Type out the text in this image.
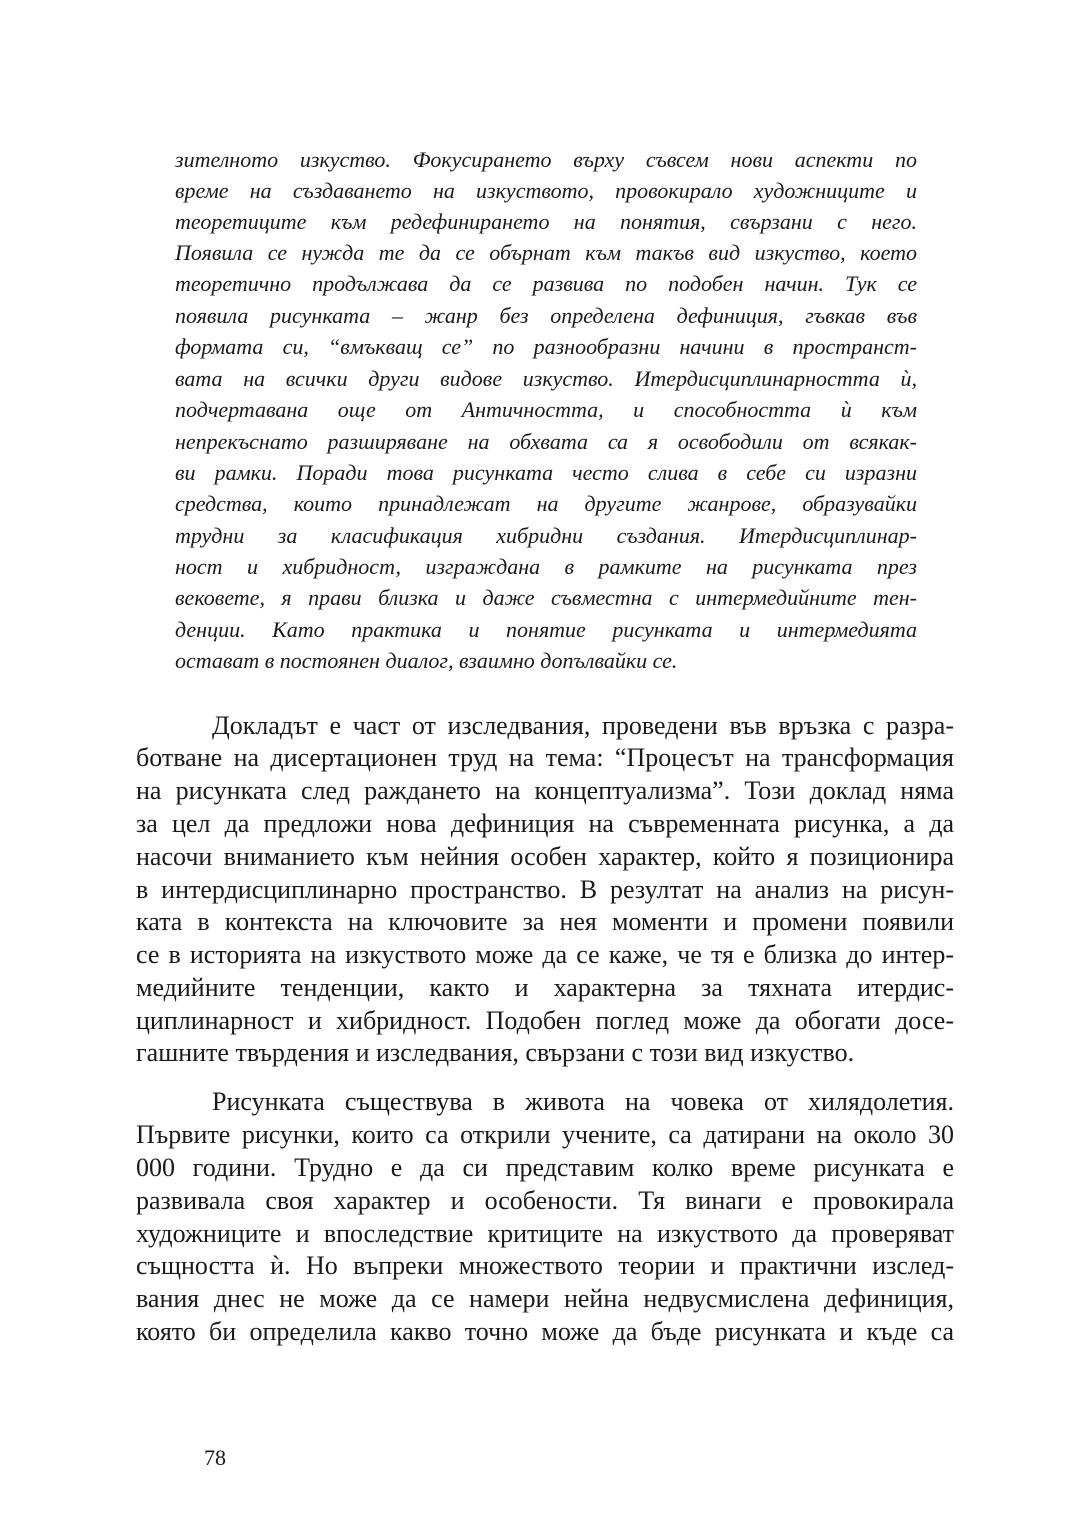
зителното изкуство. Фокусирането върху съвсем нови аспекти по

време на създаването на изкуството, провокирало художниците и

теоретиците към редефинирането на понятия, свързани с него.

Появила се нужда те да се обърнат към такъв вид изкуство, което

теоретично продължава да се развива по подобен начин. Тук се

появила рисунката – жанр без определена дефиниция, гъвкав във

формата си, “вмъкващ се” по разнообразни начини в пространст-

вата на всички други видове изкуство. Итердисциплинарността ѝ,

подчертавана още от Античността, и способността ѝ към

непрекъснато разширяване на обхвата са я освободили от всякак-

ви рамки. Поради това рисунката често слива в себе си изразни

средства, които принадлежат на другите жанрове, образувайки

трудни за класификация хибридни създания. Итердисциплинар-

ност и хибридност, изграждана в рамките на рисунката през

вековете, я прави близка и даже съвместна с интермедийните тен-

денции. Като практика и понятие рисунката и интермедията

остават в постоянен диалог, взаимно допълвайки се.

Докладът е част от изследвания, проведени във връзка с разра-

ботване на дисертационен труд на тема: “Процесът на трансформация

на рисунката след раждането на концептуализма”. Този доклад няма

за цел да предложи нова дефиниция на съвременната рисунка, а да

насочи вниманието към нейния особен характер, който я позиционира

в интердисциплинарно пространство. В резултат на анализ на рисун-

ката в контекста на ключовите за нея моменти и промени появили

се в историята на изкуството може да се каже, че тя е близка до интер-

медийните тенденции, както и характерна за тяхната итердис-

циплинарност и хибридност. Подобен поглед може да обогати досе-

гашните твърдения и изследвания, свързани с този вид изкуство.

Рисунката съществува в живота на човека от хилядолетия.

Първите рисунки, които са открили учените, са датирани на около 30

000 години. Трудно е да си представим колко време рисунката е

развивала своя характер и особености. Тя винаги е провокирала

художниците и впоследствие критиците на изкуството да проверяват

същността ѝ. Но въпреки множеството теории и практични изслед-

вания днес не може да се намери нейна недвусмислена дефиниция,

която би определила какво точно може да бъде рисунката и къде са

78
